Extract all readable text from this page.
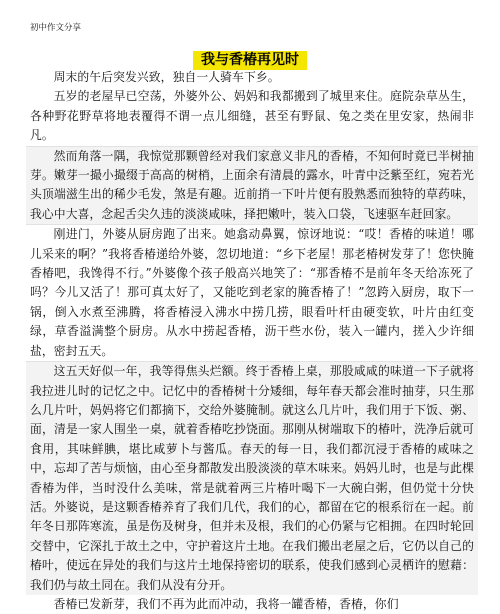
初中作文分享
我与香椿再见时

周末的午后突发兴致，独自一人骑车下乡。

五岁的老屋早已空荡，外婆外公、妈妈和我都搬到了城里来住。庭院杂草丛生，各种野花野草将地表覆得不谓一点儿细缝，甚至有野鼠、兔之类在里安家，热闹非凡。

然而角落一隅，我惊觉那颗曾经对我们家意义非凡的香椿，不知何时竟已半树抽芽。嫩芽一撮小撮缀于高高的树梢，上面余有清晨的露水，叶青中泛紫至红，宛若光头顶端滋生出的稀少毛发，煞是有趣。近前捎一下叶片便有股熟悉而独特的草药味，我心中大喜，念起舌尖久违的淡淡咸味，择把嫩叶，装入口袋，飞速驱车赶回家。

刚进门，外婆从厨房跑了出来。她翕动鼻翼，惊讶地说：“哎！香椿的味道！哪儿采来的啊？”我将香椿递给外婆，忽切地道：“乡下老屋！那老椿树发芽了！您快腌香椿吧，我馋得不行。”外婆像个孩子般高兴地笑了：“那香椿不是前年冬天给冻死了吗？今儿又活了！那可真太好了，又能吃到老家的腌香椿了！”忽跨入厨房，取下一锅，倒入水煮至沸腾，将香椿浸入沸水中捞几捞，眼看叶杆由硬变软，叶片由红变绿，草香溢满整个厨房。从水中捞起香椿，沥干些水份，装入一罐内，搓入少许细盐，密封五天。

这五天好似一年，我等得焦头烂额。终于香椿上桌，那股咸咸的味道一下子就将我拉进儿时的记忆之中。记忆中的香椿树十分矮细，每年春天都会准时抽芽，只生那么几片叶，妈妈将它们都摘下，交给外婆腌制。就这么几片叶，我们用于下饭、粥、面，清是一家人围坐一桌，就着香椿吃抄饶面。那刚从树端取下的椿叶，洗净后就可食用，其味鲜腆，堪比咸萝卜与酱瓜。春天的每一日，我们都沉浸于香椿的咸味之中，忘却了苦与烦恼，由心至身都散发出股淡淡的草木味来。妈妈儿时，也是与此棵香椿为伴，当时没什么美味，常是就着两三片椿叶喝下一大碗白粥，但仍觉十分快活。外婆说，是这颗香椿养育了我们几代，我们的心，都留在它的根系衍在一起。前年冬日那阵寒流，虽是伤及树身，但并未及根，我们的心仍紧与它相拥。在四时轮回交替中，它深扎于故土之中，守护着这片土地。在我们搬出老屋之后，它仍以自己的椿叶，使远在异处的我们与这片土地保持密切的联系，使我们感到心灵栖许的慰藉：我们仍与故土同在。我们从没有分开。

香椿已发新芽，我们不再为此而冲动，我将一罐香椿，香椿，你们
